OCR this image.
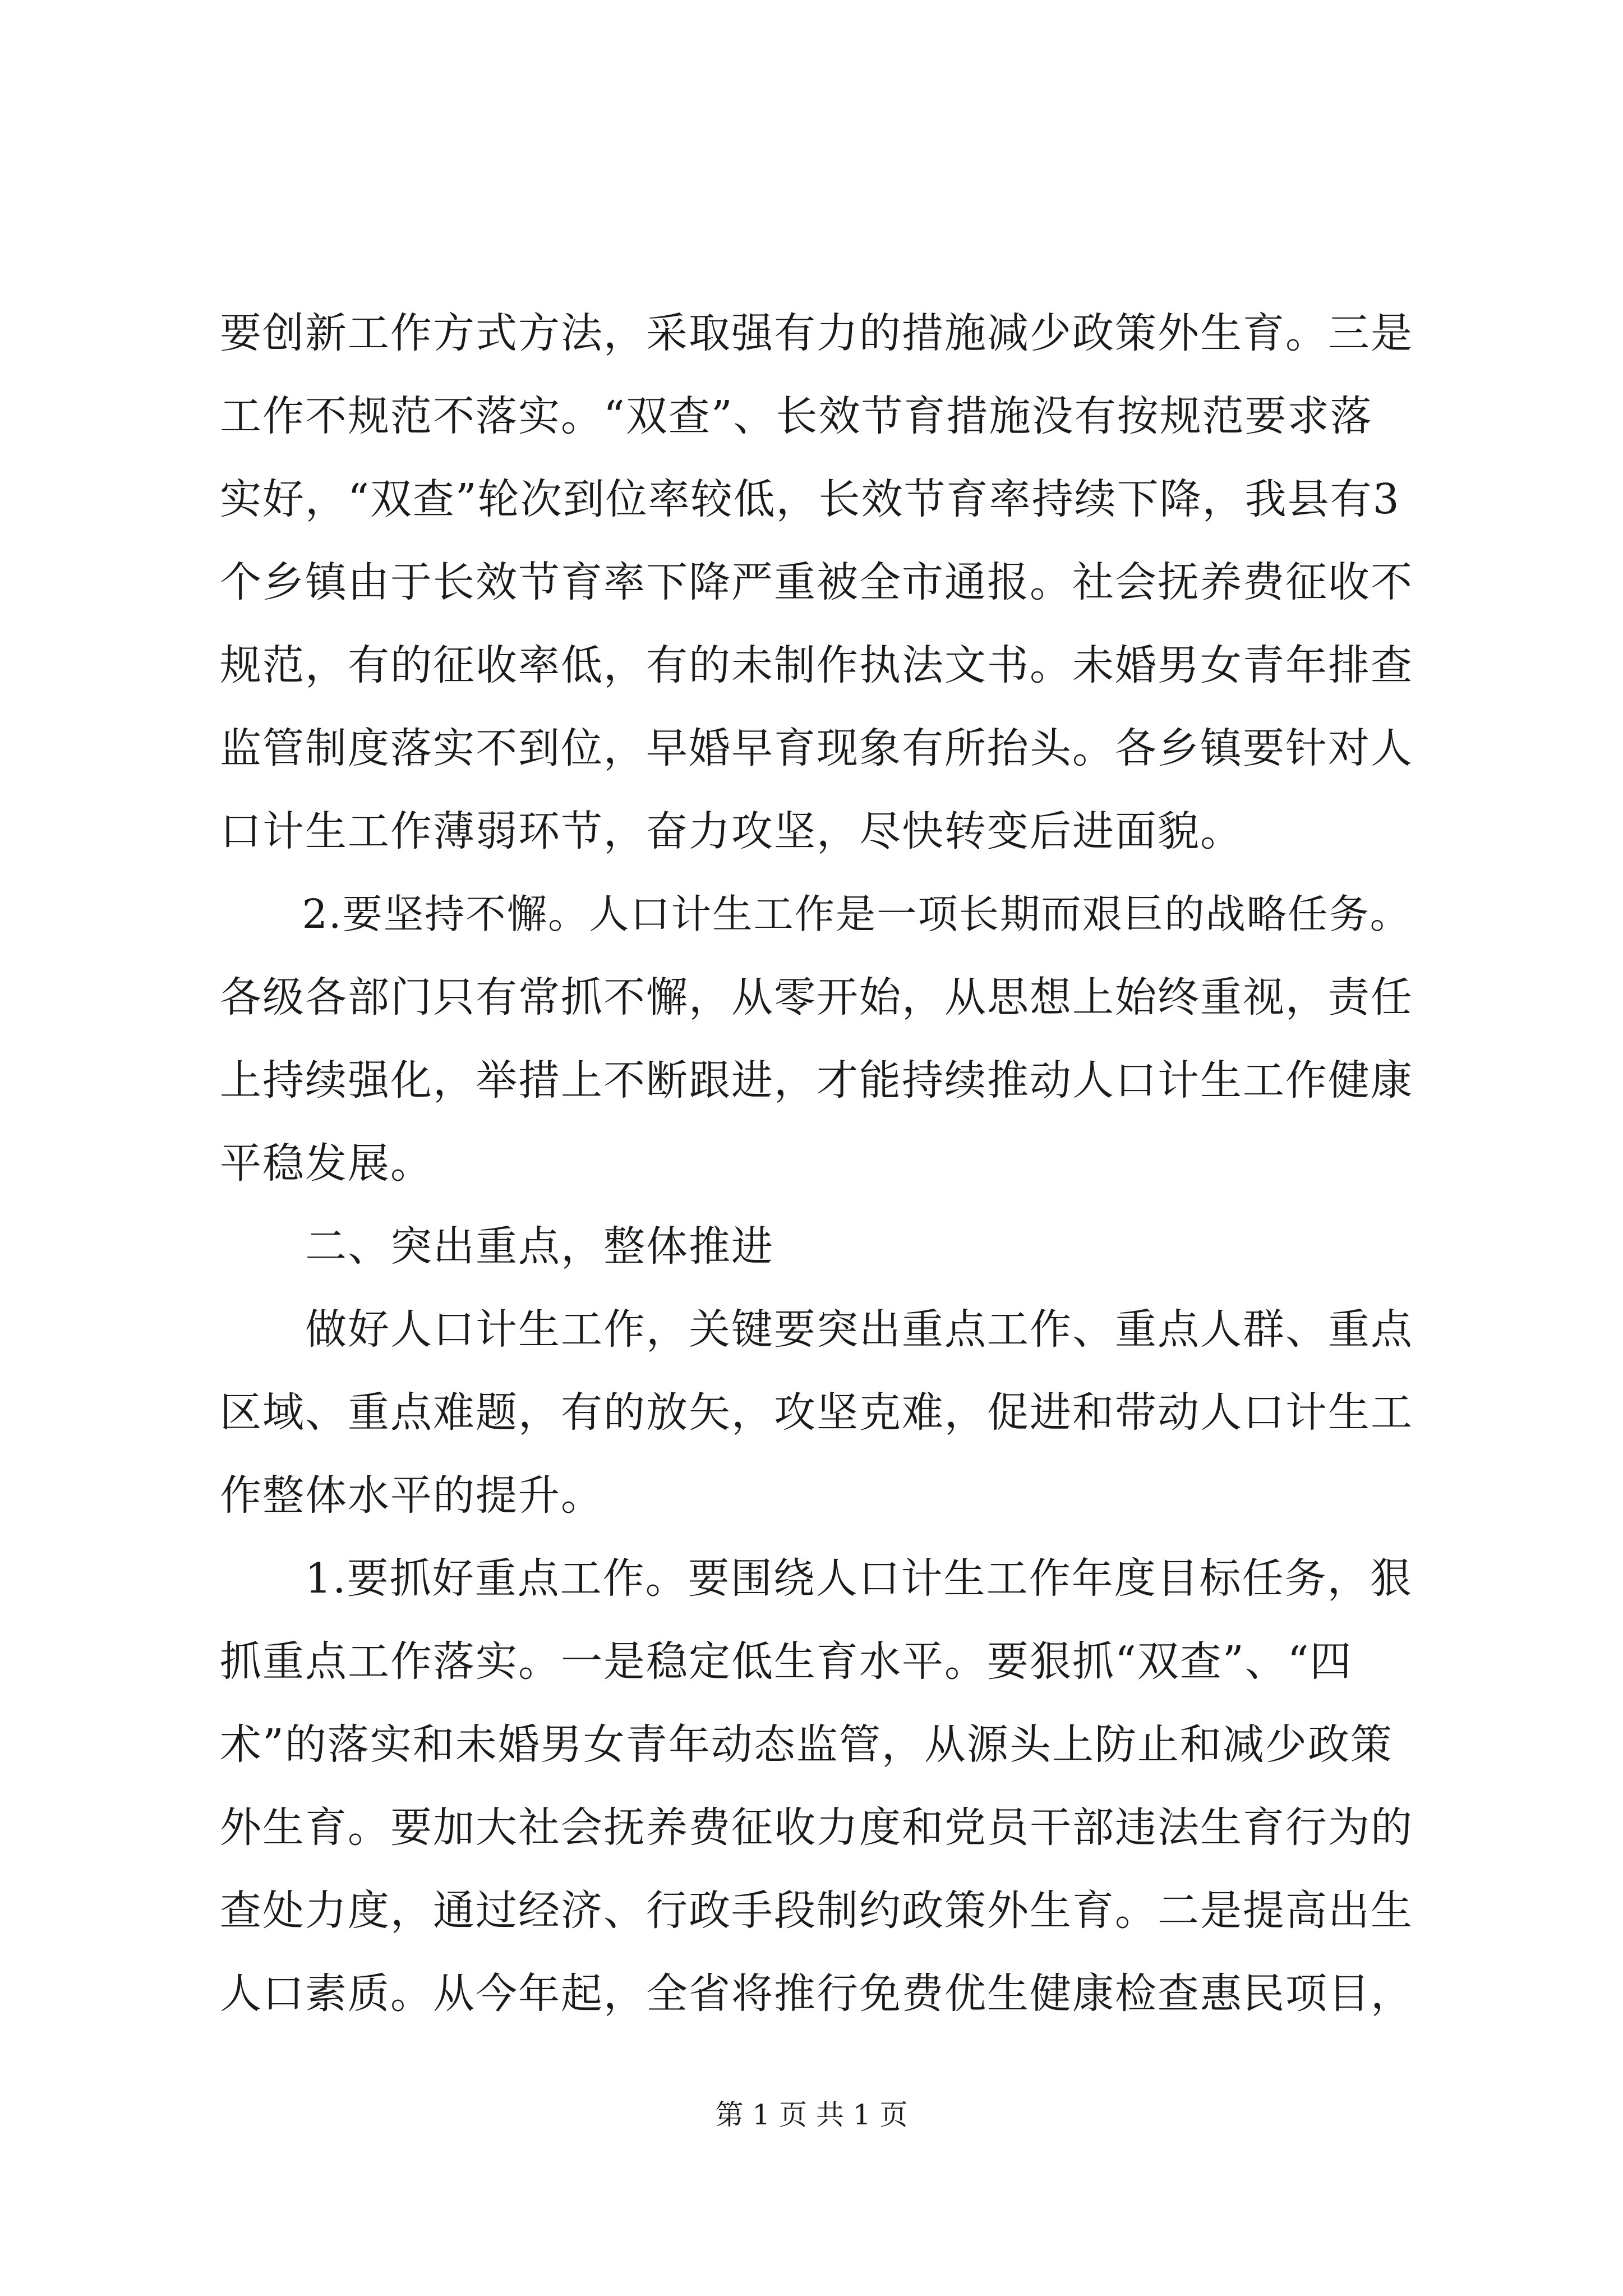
要创新工作方式方法，采取强有力的措施减少政策外生育。三是
工作不规范不落实。“双查”、长效节育措施没有按规范要求落
实好，“双查”轮次到位率较低，长效节育率持续下降，我县有3
个乡镇由于长效节育率下降严重被全市通报。社会抚养费征收不
规范，有的征收率低，有的未制作执法文书。未婚男女青年排查
监管制度落实不到位，早婚早育现象有所抬头。各乡镇要针对人
口计生工作薄弱环节，奋力攻坚，尽快转变后进面貌。
　　2.要坚持不懈。人口计生工作是一项长期而艰巨的战略任务。
各级各部门只有常抓不懈，从零开始，从思想上始终重视，责任
上持续强化，举措上不断跟进，才能持续推动人口计生工作健康
平稳发展。
　　二、突出重点，整体推进
　　做好人口计生工作，关键要突出重点工作、重点人群、重点
区域、重点难题，有的放矢，攻坚克难，促进和带动人口计生工
作整体水平的提升。
　　1.要抓好重点工作。要围绕人口计生工作年度目标任务，狠
抓重点工作落实。一是稳定低生育水平。要狠抓“双查”、“四
术”的落实和未婚男女青年动态监管，从源头上防止和减少政策
外生育。要加大社会抚养费征收力度和党员干部违法生育行为的
查处力度，通过经济、行政手段制约政策外生育。二是提高出生
人口素质。从今年起，全省将推行免费优生健康检查惠民项目，
第 1 页 共 1 页
